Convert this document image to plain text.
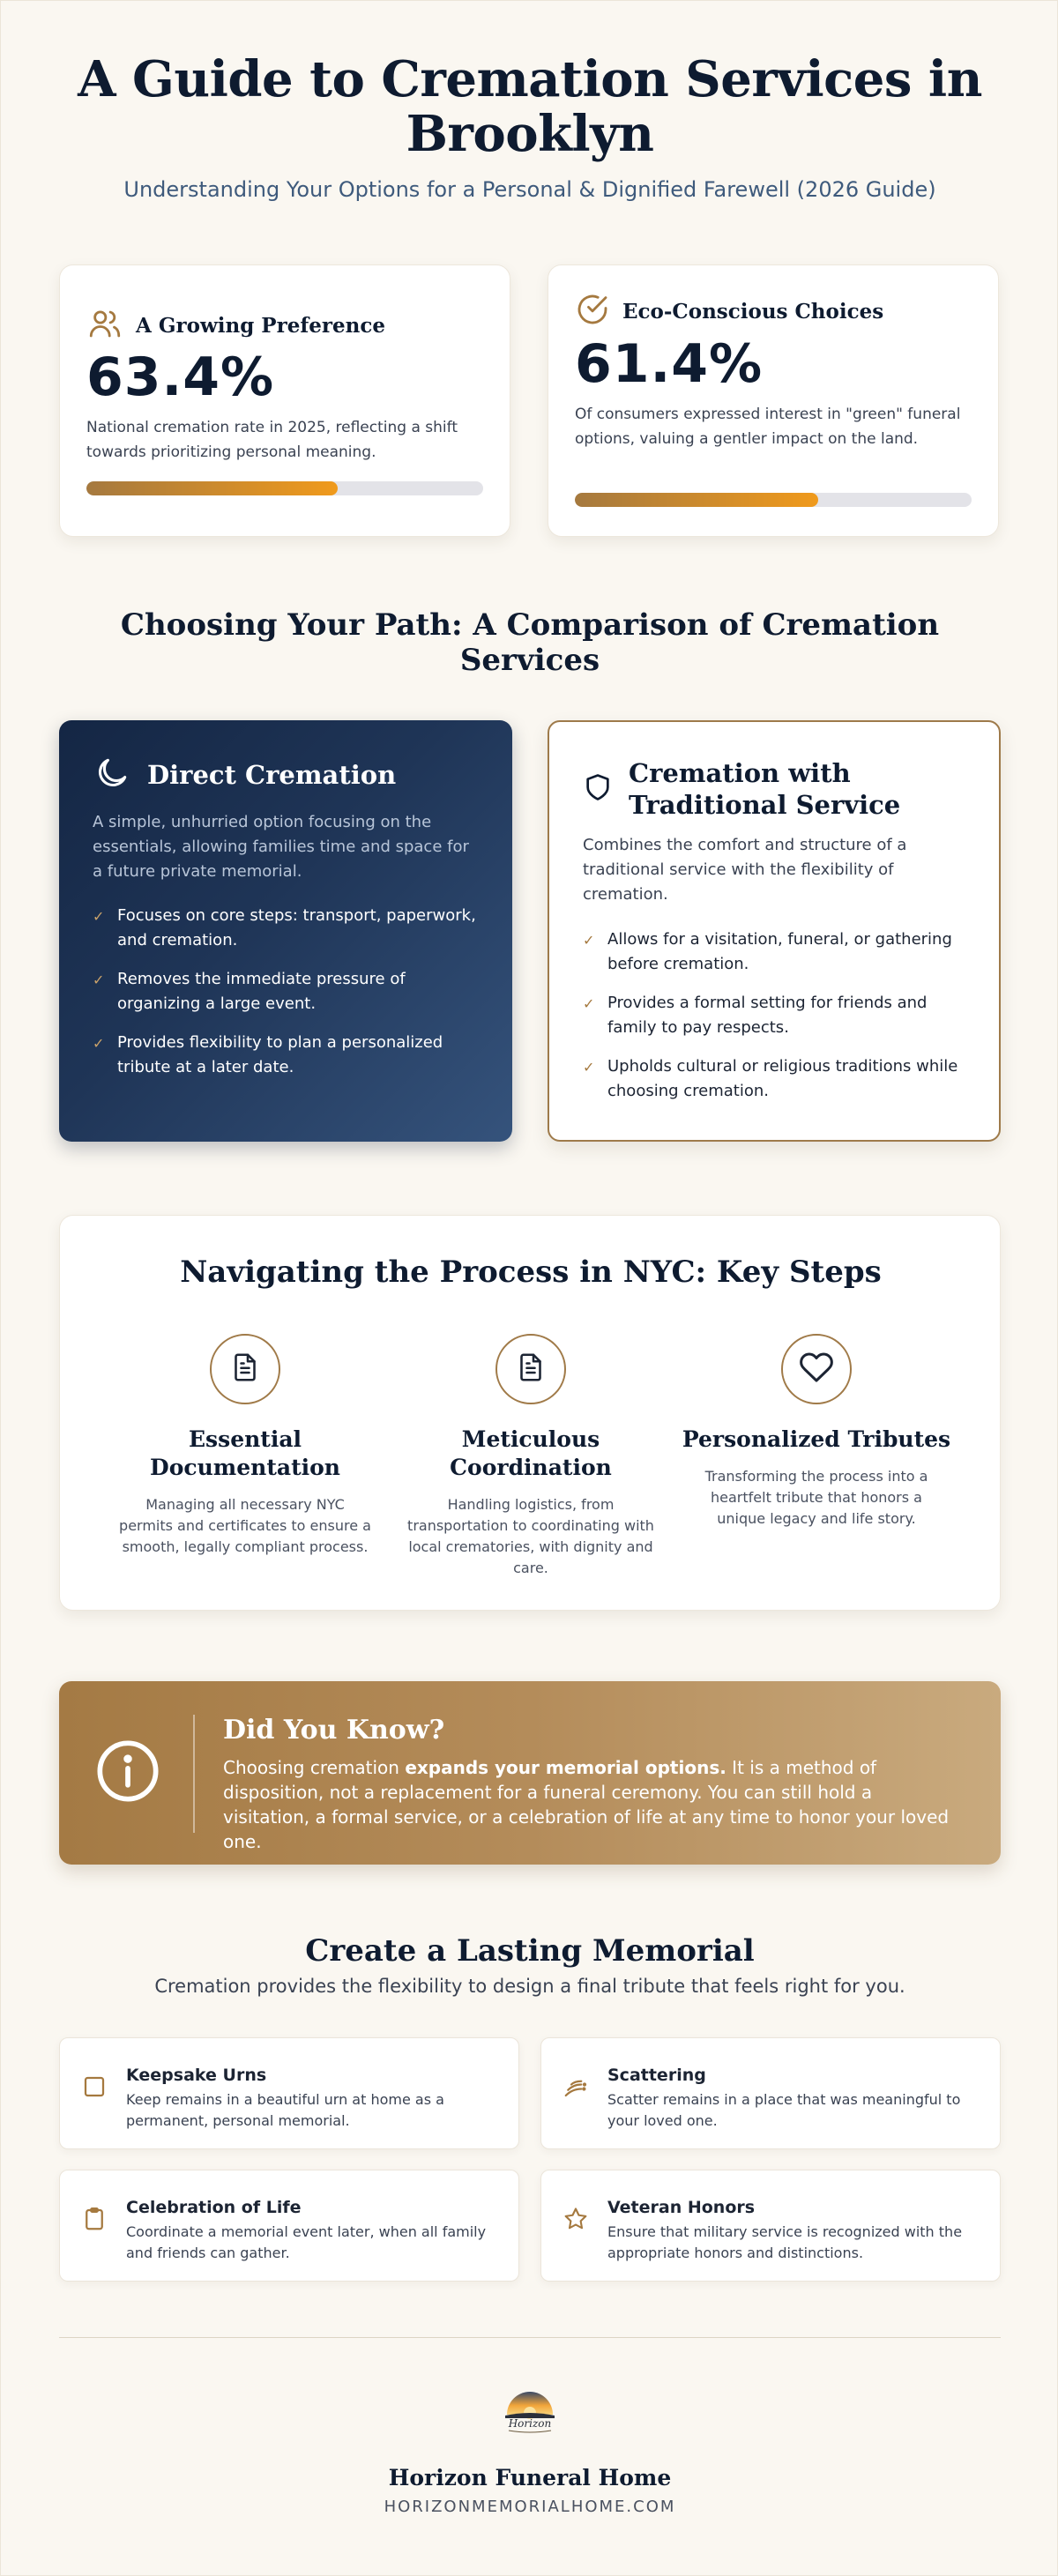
A Guide to Cremation Services in Brooklyn

Understanding Your Options for a Personal & Dignified Farewell (2026 Guide)

A Growing Preference
63.4%
National cremation rate in 2025, reflecting a shift towards prioritizing personal meaning.
Eco-Conscious Choices
61.4%
Of consumers expressed interest in "green" funeral options, valuing a gentler impact on the land.
Choosing Your Path: A Comparison of Cremation Services
Direct Cremation

A simple, unhurried option focusing on the essentials, allowing families time and space for a future private memorial.

✓ Focuses on core steps: transport, paperwork, and cremation.
✓ Removes the immediate pressure of organizing a large event.
✓ Provides flexibility to plan a personalized tribute at a later date.
Cremation with Traditional Service

Combines the comfort and structure of a traditional service with the flexibility of cremation.

✓ Allows for a visitation, funeral, or gathering before cremation.
✓ Provides a formal setting for friends and family to pay respects.
✓ Upholds cultural or religious traditions while choosing cremation.
Navigating the Process in NYC: Key Steps
Essential Documentation
Managing all necessary NYC permits and certificates to ensure a smooth, legally compliant process.
Meticulous Coordination
Handling logistics, from transportation to coordinating with local crematories, with dignity and care.
Personalized Tributes
Transforming the process into a heartfelt tribute that honors a unique legacy and life story.
Did You Know?

Choosing cremation expands your memorial options. It is a method of disposition, not a replacement for a funeral ceremony. You can still hold a visitation, a formal service, or a celebration of life at any time to honor your loved one.

Create a Lasting Memorial

Cremation provides the flexibility to design a final tribute that feels right for you.

Keepsake Urns
Keep remains in a beautiful urn at home as a permanent, personal memorial.
Scattering
Scatter remains in a place that was meaningful to your loved one.
Celebration of Life
Coordinate a memorial event later, when all family and friends can gather.
Veteran Honors
Ensure that military service is recognized with the appropriate honors and distinctions.
Horizon
Horizon Funeral Home
HORIZONMEMORIALHOME.COM
